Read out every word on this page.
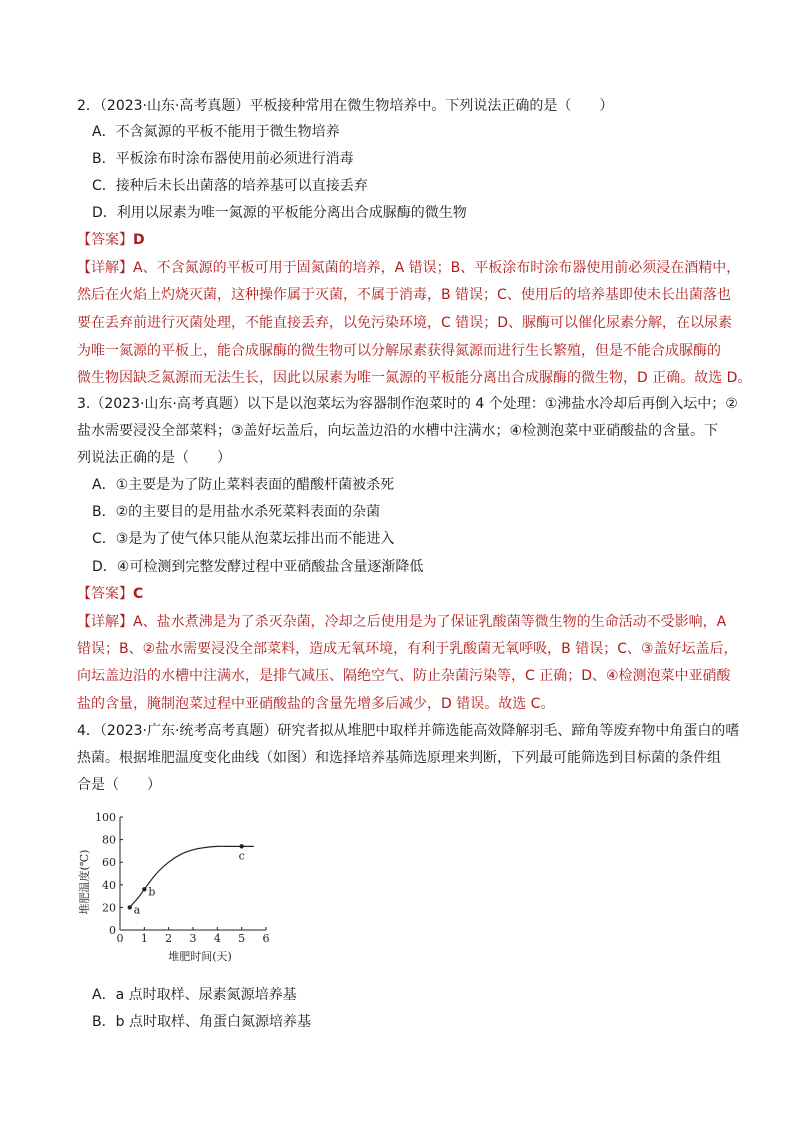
2．（2023·山东·高考真题）平板接种常用在微生物培养中。下列说法正确的是（　　）
A．不含氮源的平板不能用于微生物培养
B．平板涂布时涂布器使用前必须进行消毒
C．接种后未长出菌落的培养基可以直接丢弃
D．利用以尿素为唯一氮源的平板能分离出合成脲酶的微生物
【答案】D
【详解】A、不含氮源的平板可用于固氮菌的培养，A 错误；B、平板涂布时涂布器使用前必须浸在酒精中，
然后在火焰上灼烧灭菌，这种操作属于灭菌，不属于消毒，B 错误；C、使用后的培养基即使未长出菌落也
要在丢弃前进行灭菌处理，不能直接丢弃，以免污染环境，C 错误；D、脲酶可以催化尿素分解，在以尿素
为唯一氮源的平板上，能合成脲酶的微生物可以分解尿素获得氮源而进行生长繁殖，但是不能合成脲酶的
微生物因缺乏氮源而无法生长，因此以尿素为唯一氮源的平板能分离出合成脲酶的微生物，D 正确。故选 D。
3.（2023·山东·高考真题）以下是以泡菜坛为容器制作泡菜时的 4 个处理：①沸盐水冷却后再倒入坛中；②
盐水需要浸没全部菜料；③盖好坛盖后，向坛盖边沿的水槽中注满水；④检测泡菜中亚硝酸盐的含量。下
列说法正确的是（　　）
A．①主要是为了防止菜料表面的醋酸杆菌被杀死
B．②的主要目的是用盐水杀死菜料表面的杂菌
C．③是为了使气体只能从泡菜坛排出而不能进入
D．④可检测到完整发酵过程中亚硝酸盐含量逐渐降低
【答案】C
【详解】A、盐水煮沸是为了杀灭杂菌，冷却之后使用是为了保证乳酸菌等微生物的生命活动不受影响，A
错误；B、②盐水需要浸没全部菜料，造成无氧环境，有利于乳酸菌无氧呼吸，B 错误；C、③盖好坛盖后，
向坛盖边沿的水槽中注满水，是排气减压、隔绝空气、防止杂菌污染等，C 正确；D、④检测泡菜中亚硝酸
盐的含量，腌制泡菜过程中亚硝酸盐的含量先增多后减少，D 错误。故选 C。
4．（2023·广东·统考高考真题）研究者拟从堆肥中取样并筛选能高效降解羽毛、蹄角等废弃物中角蛋白的嗜
热菌。根据堆肥温度变化曲线（如图）和选择培养基筛选原理来判断，下列最可能筛选到目标菌的条件组
合是（　　）
0 1 2 3 4 5 6
0
20
40
60
80
100
a
b
c
堆肥时间(天)
堆肥温度(℃)
A．a 点时取样、尿素氮源培养基
B．b 点时取样、角蛋白氮源培养基
